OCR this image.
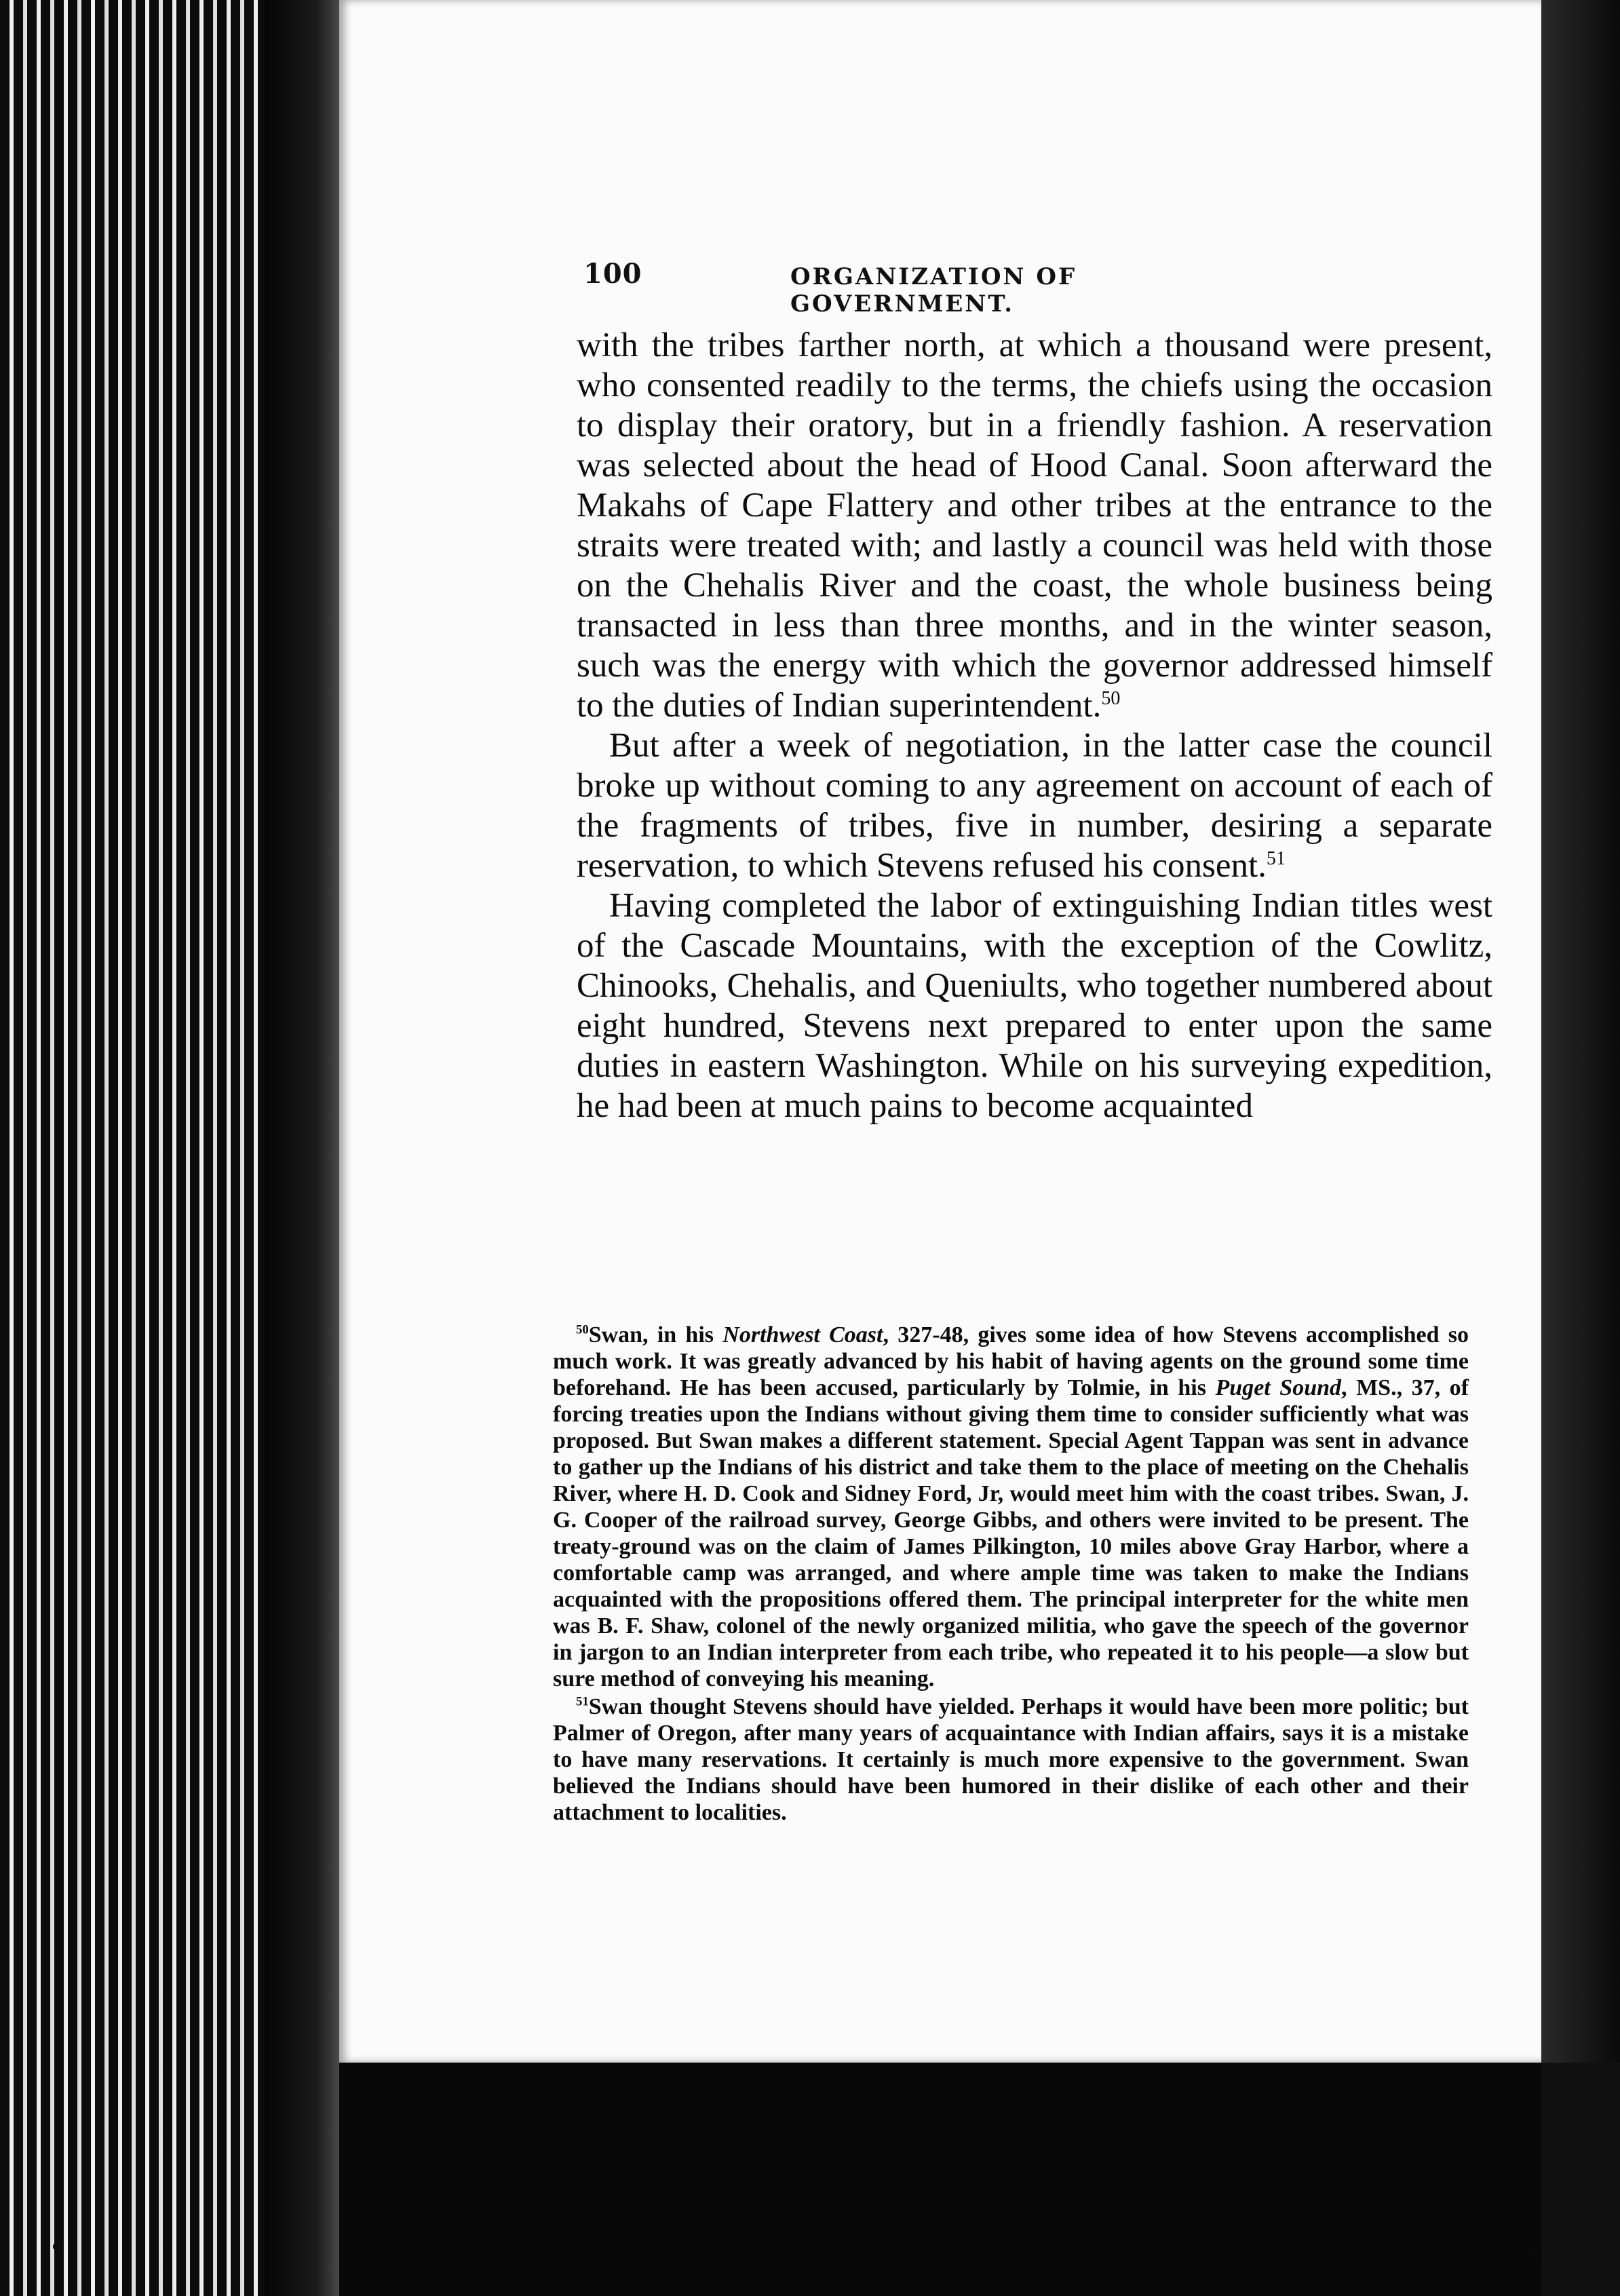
100	ORGANIZATION OF GOVERNMENT.

with the tribes farther north, at which a thousand were present, who consented readily to the terms, the chiefs using the occasion to display their oratory, but in a friendly fashion. A reservation was selected about the head of Hood Canal. Soon afterward the Makahs of Cape Flattery and other tribes at the entrance to the straits were treated with; and lastly a council was held with those on the Chehalis River and the coast, the whole business being transacted in less than three months, and in the winter season, such was the energy with which the governor addressed himself to the duties of Indian superintendent.$^{50}$

But after a week of negotiation, in the latter case the council broke up without coming to any agreement on account of each of the fragments of tribes, five in number, desiring a separate reservation, to which Stevens refused his consent.$^{51}$

Having completed the labor of extinguishing Indian titles west of the Cascade Mountains, with the exception of the Cowlitz, Chinooks, Chehalis, and Queniults, who together numbered about eight hundred, Stevens next prepared to enter upon the same duties in eastern Washington. While on his surveying expedition, he had been at much pains to become acquainted

$^{50}$Swan, in his Northwest Coast, 327-48, gives some idea of how Stevens accomplished so much work. It was greatly advanced by his habit of having agents on the ground some time beforehand. He has been accused, particularly by Tolmie, in his Puget Sound, MS., 37, of forcing treaties upon the Indians without giving them time to consider sufficiently what was proposed. But Swan makes a different statement. Special Agent Tappan was sent in advance to gather up the Indians of his district and take them to the place of meeting on the Chehalis River, where H. D. Cook and Sidney Ford, Jr, would meet him with the coast tribes. Swan, J. G. Cooper of the railroad survey, George Gibbs, and others were invited to be present. The treaty-ground was on the claim of James Pilkington, 10 miles above Gray Harbor, where a comfortable camp was arranged, and where ample time was taken to make the Indians acquainted with the propositions offered them. The principal interpreter for the white men was B. F. Shaw, colonel of the newly organized militia, who gave the speech of the governor in jargon to an Indian interpreter from each tribe, who repeated it to his people—a slow but sure method of conveying his meaning.

$^{51}$Swan thought Stevens should have yielded. Perhaps it would have been more politic; but Palmer of Oregon, after many years of acquaintance with Indian affairs, says it is a mistake to have many reservations. It certainly is much more expensive to the government. Swan believed the Indians should have been humored in their dislike of each other and their attachment to localities.

•	•
